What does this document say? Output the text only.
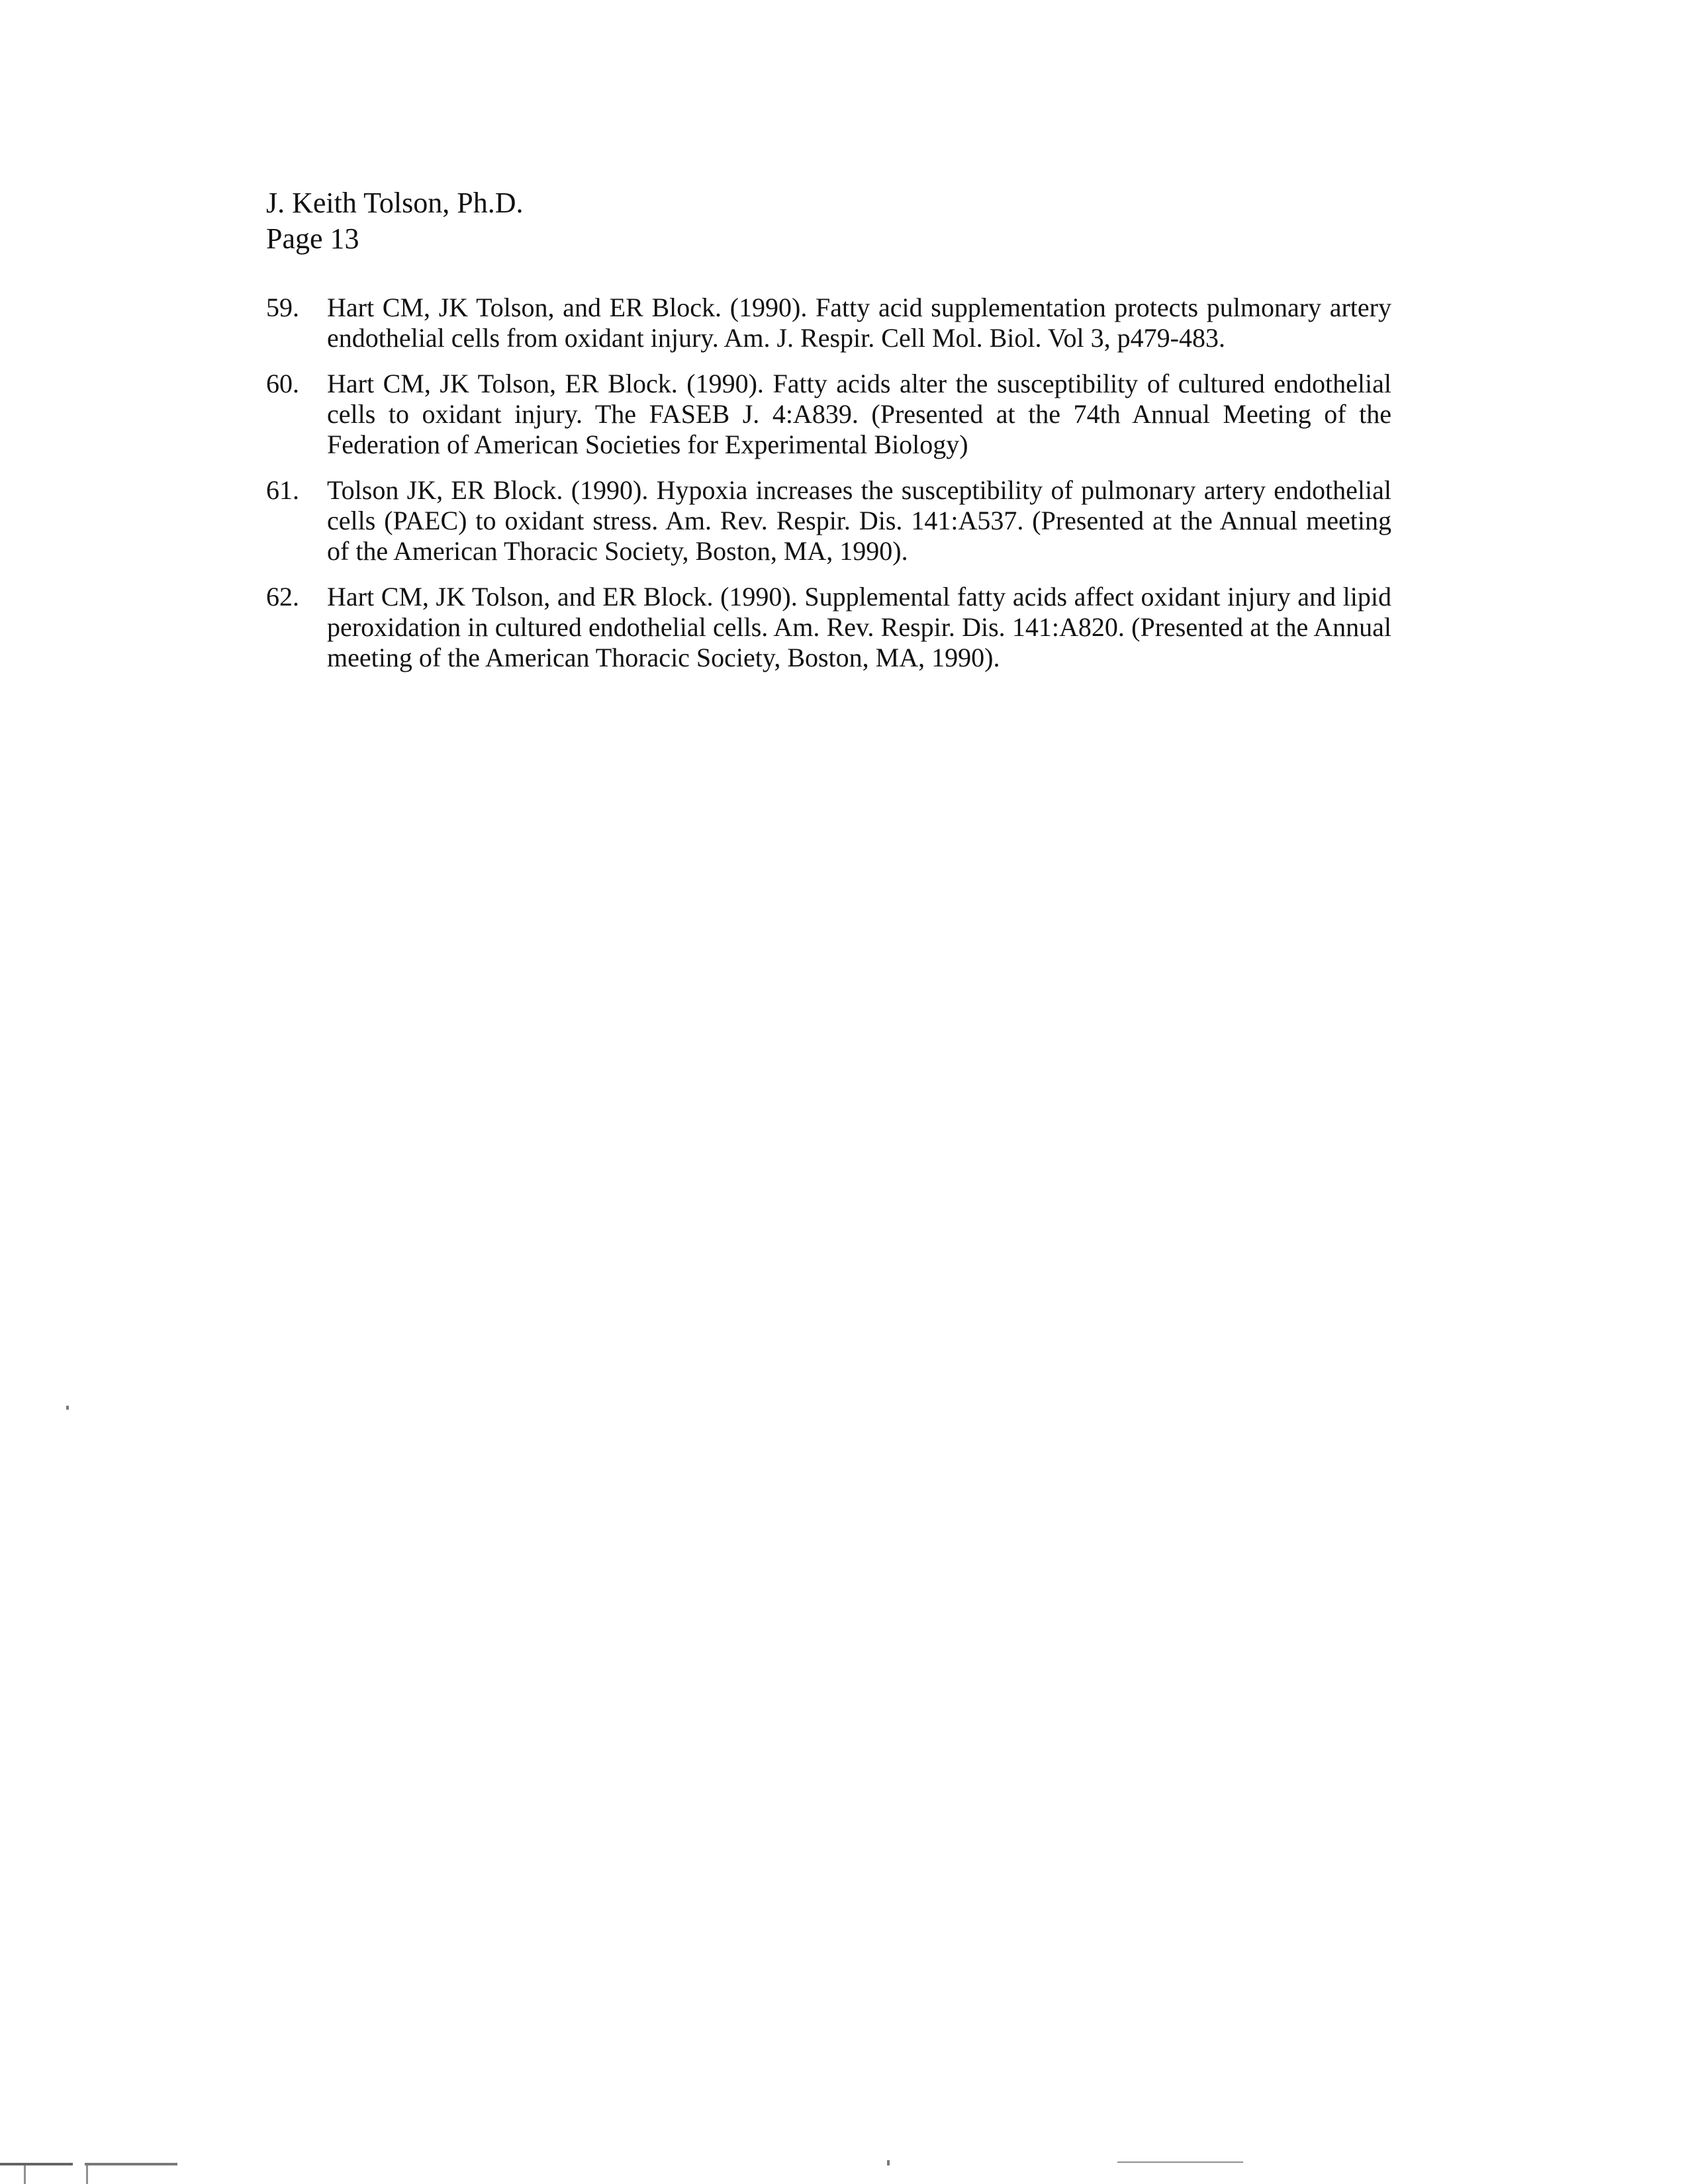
J. Keith Tolson, Ph.D.
Page 13
59.	Hart CM, JK Tolson, and ER Block. (1990). Fatty acid supplementation protects pulmonary artery endothelial cells from oxidant injury. Am. J. Respir. Cell Mol. Biol. Vol 3, p479-483.
60.	Hart CM, JK Tolson, ER Block. (1990). Fatty acids alter the susceptibility of cultured endothelial cells to oxidant injury. The FASEB J. 4:A839. (Presented at the 74th Annual Meeting of the Federation of American Societies for Experimental Biology)
61.	Tolson JK, ER Block. (1990). Hypoxia increases the susceptibility of pulmonary artery endothelial cells (PAEC) to oxidant stress. Am. Rev. Respir. Dis. 141:A537. (Presented at the Annual meeting of the American Thoracic Society, Boston, MA, 1990).
62.	Hart CM, JK Tolson, and ER Block. (1990). Supplemental fatty acids affect oxidant injury and lipid peroxidation in cultured endothelial cells. Am. Rev. Respir. Dis. 141:A820. (Presented at the Annual meeting of the American Thoracic Society, Boston, MA, 1990).
